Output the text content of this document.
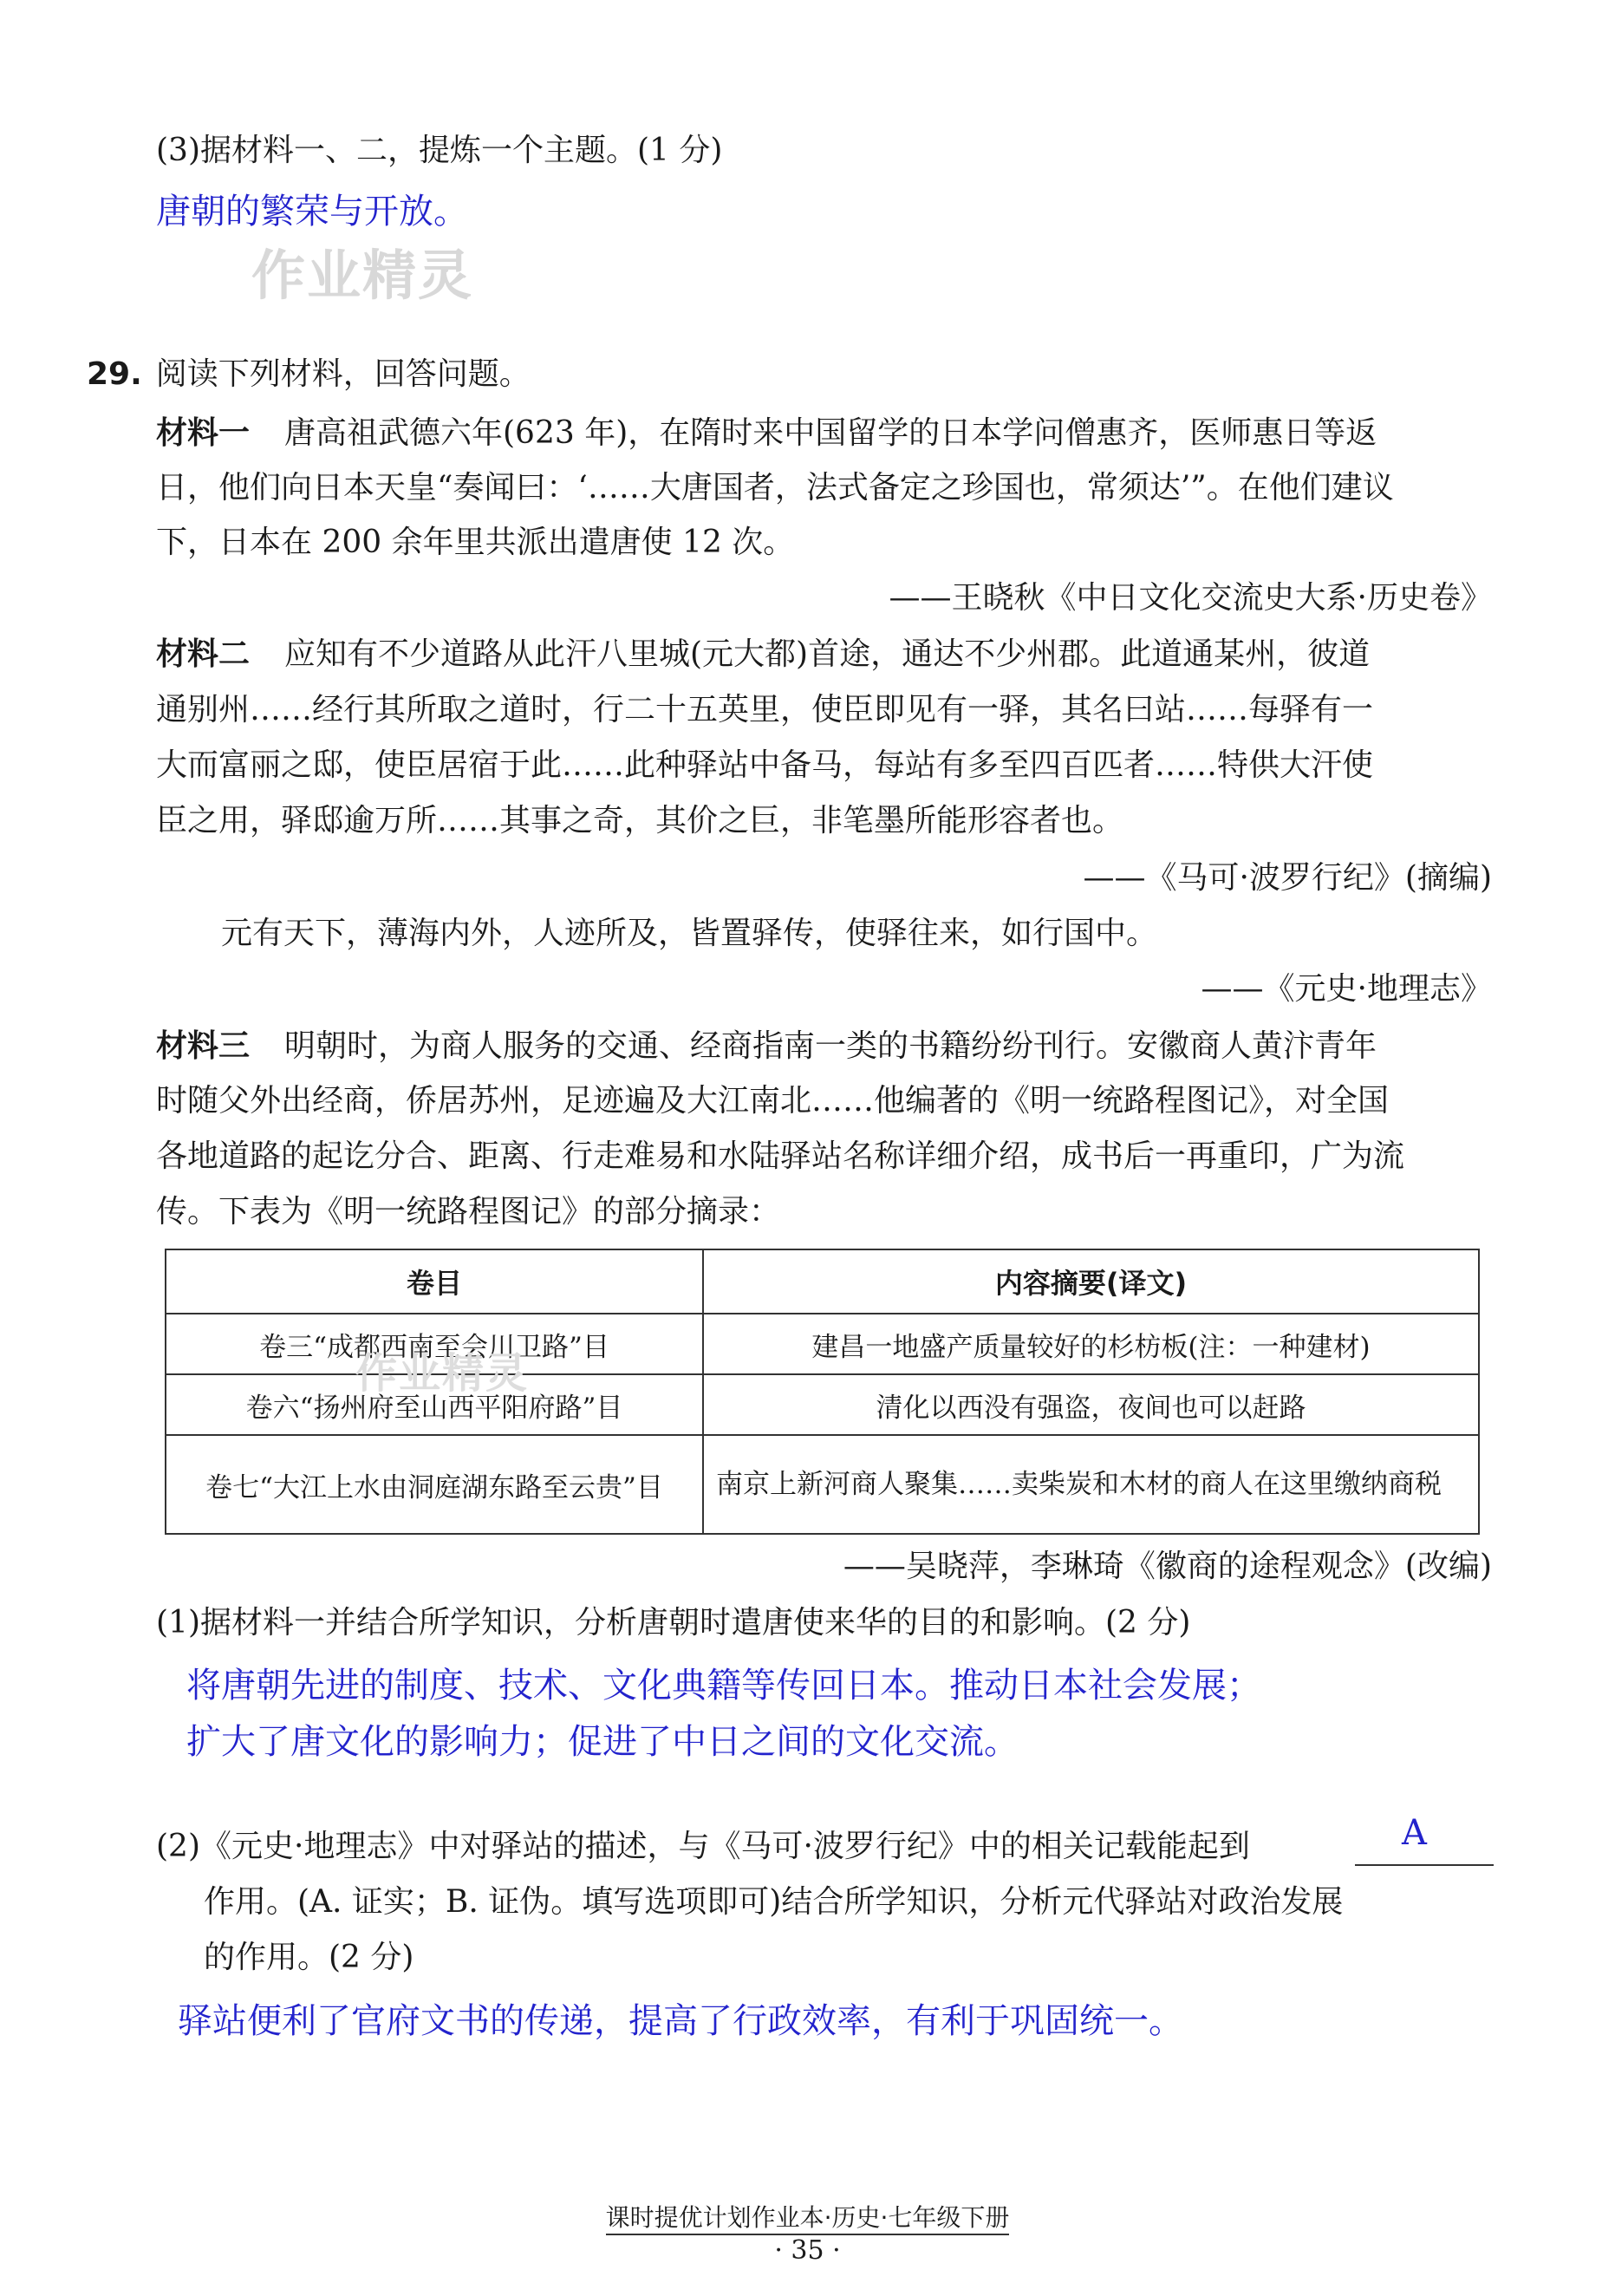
(3)据材料一、二，提炼一个主题。(1 分)
唐朝的繁荣与开放。
作业精灵
29. 阅读下列材料，回答问题。
材料一 唐高祖武德六年(623 年)，在隋时来中国留学的日本学问僧惠齐，医师惠日等返
日，他们向日本天皇“奏闻曰：‘……大唐国者，法式备定之珍国也，常须达’”。在他们建议
下，日本在 200 余年里共派出遣唐使 12 次。
——王晓秋《中日文化交流史大系·历史卷》
材料二 应知有不少道路从此汗八里城(元大都)首途，通达不少州郡。此道通某州，彼道
通别州……经行其所取之道时，行二十五英里，使臣即见有一驿，其名曰站……每驿有一
大而富丽之邸，使臣居宿于此……此种驿站中备马，每站有多至四百匹者……特供大汗使
臣之用，驿邸逾万所……其事之奇，其价之巨，非笔墨所能形容者也。
——《马可·波罗行纪》(摘编)
元有天下，薄海内外，人迹所及，皆置驿传，使驿往来，如行国中。
——《元史·地理志》
材料三 明朝时，为商人服务的交通、经商指南一类的书籍纷纷刊行。安徽商人黄汴青年
时随父外出经商，侨居苏州，足迹遍及大江南北……他编著的《明一统路程图记》，对全国
各地道路的起讫分合、距离、行走难易和水陆驿站名称详细介绍，成书后一再重印，广为流
传。下表为《明一统路程图记》的部分摘录：
卷目	内容摘要(译文)
卷三“成都西南至会川卫路”目	建昌一地盛产质量较好的杉枋板(注：一种建材)
卷六“扬州府至山西平阳府路”目	清化以西没有强盗，夜间也可以赶路
卷七“大江上水由洞庭湖东路至云贵”目	南京上新河商人聚集……卖柴炭和木材的商人在这里缴纳商税
作业精灵
——吴晓萍，李琳琦《徽商的途程观念》(改编)
(1)据材料一并结合所学知识，分析唐朝时遣唐使来华的目的和影响。(2 分)
将唐朝先进的制度、技术、文化典籍等传回日本。推动日本社会发展；
扩大了唐文化的影响力；促进了中日之间的文化交流。
(2)《元史·地理志》中对驿站的描述，与《马可·波罗行纪》中的相关记载能起到	A
作用。(A. 证实；B. 证伪。填写选项即可)结合所学知识，分析元代驿站对政治发展
的作用。(2 分)
驿站便利了官府文书的传递，提高了行政效率，有利于巩固统一。
课时提优计划作业本·历史·七年级下册
· 35 ·
